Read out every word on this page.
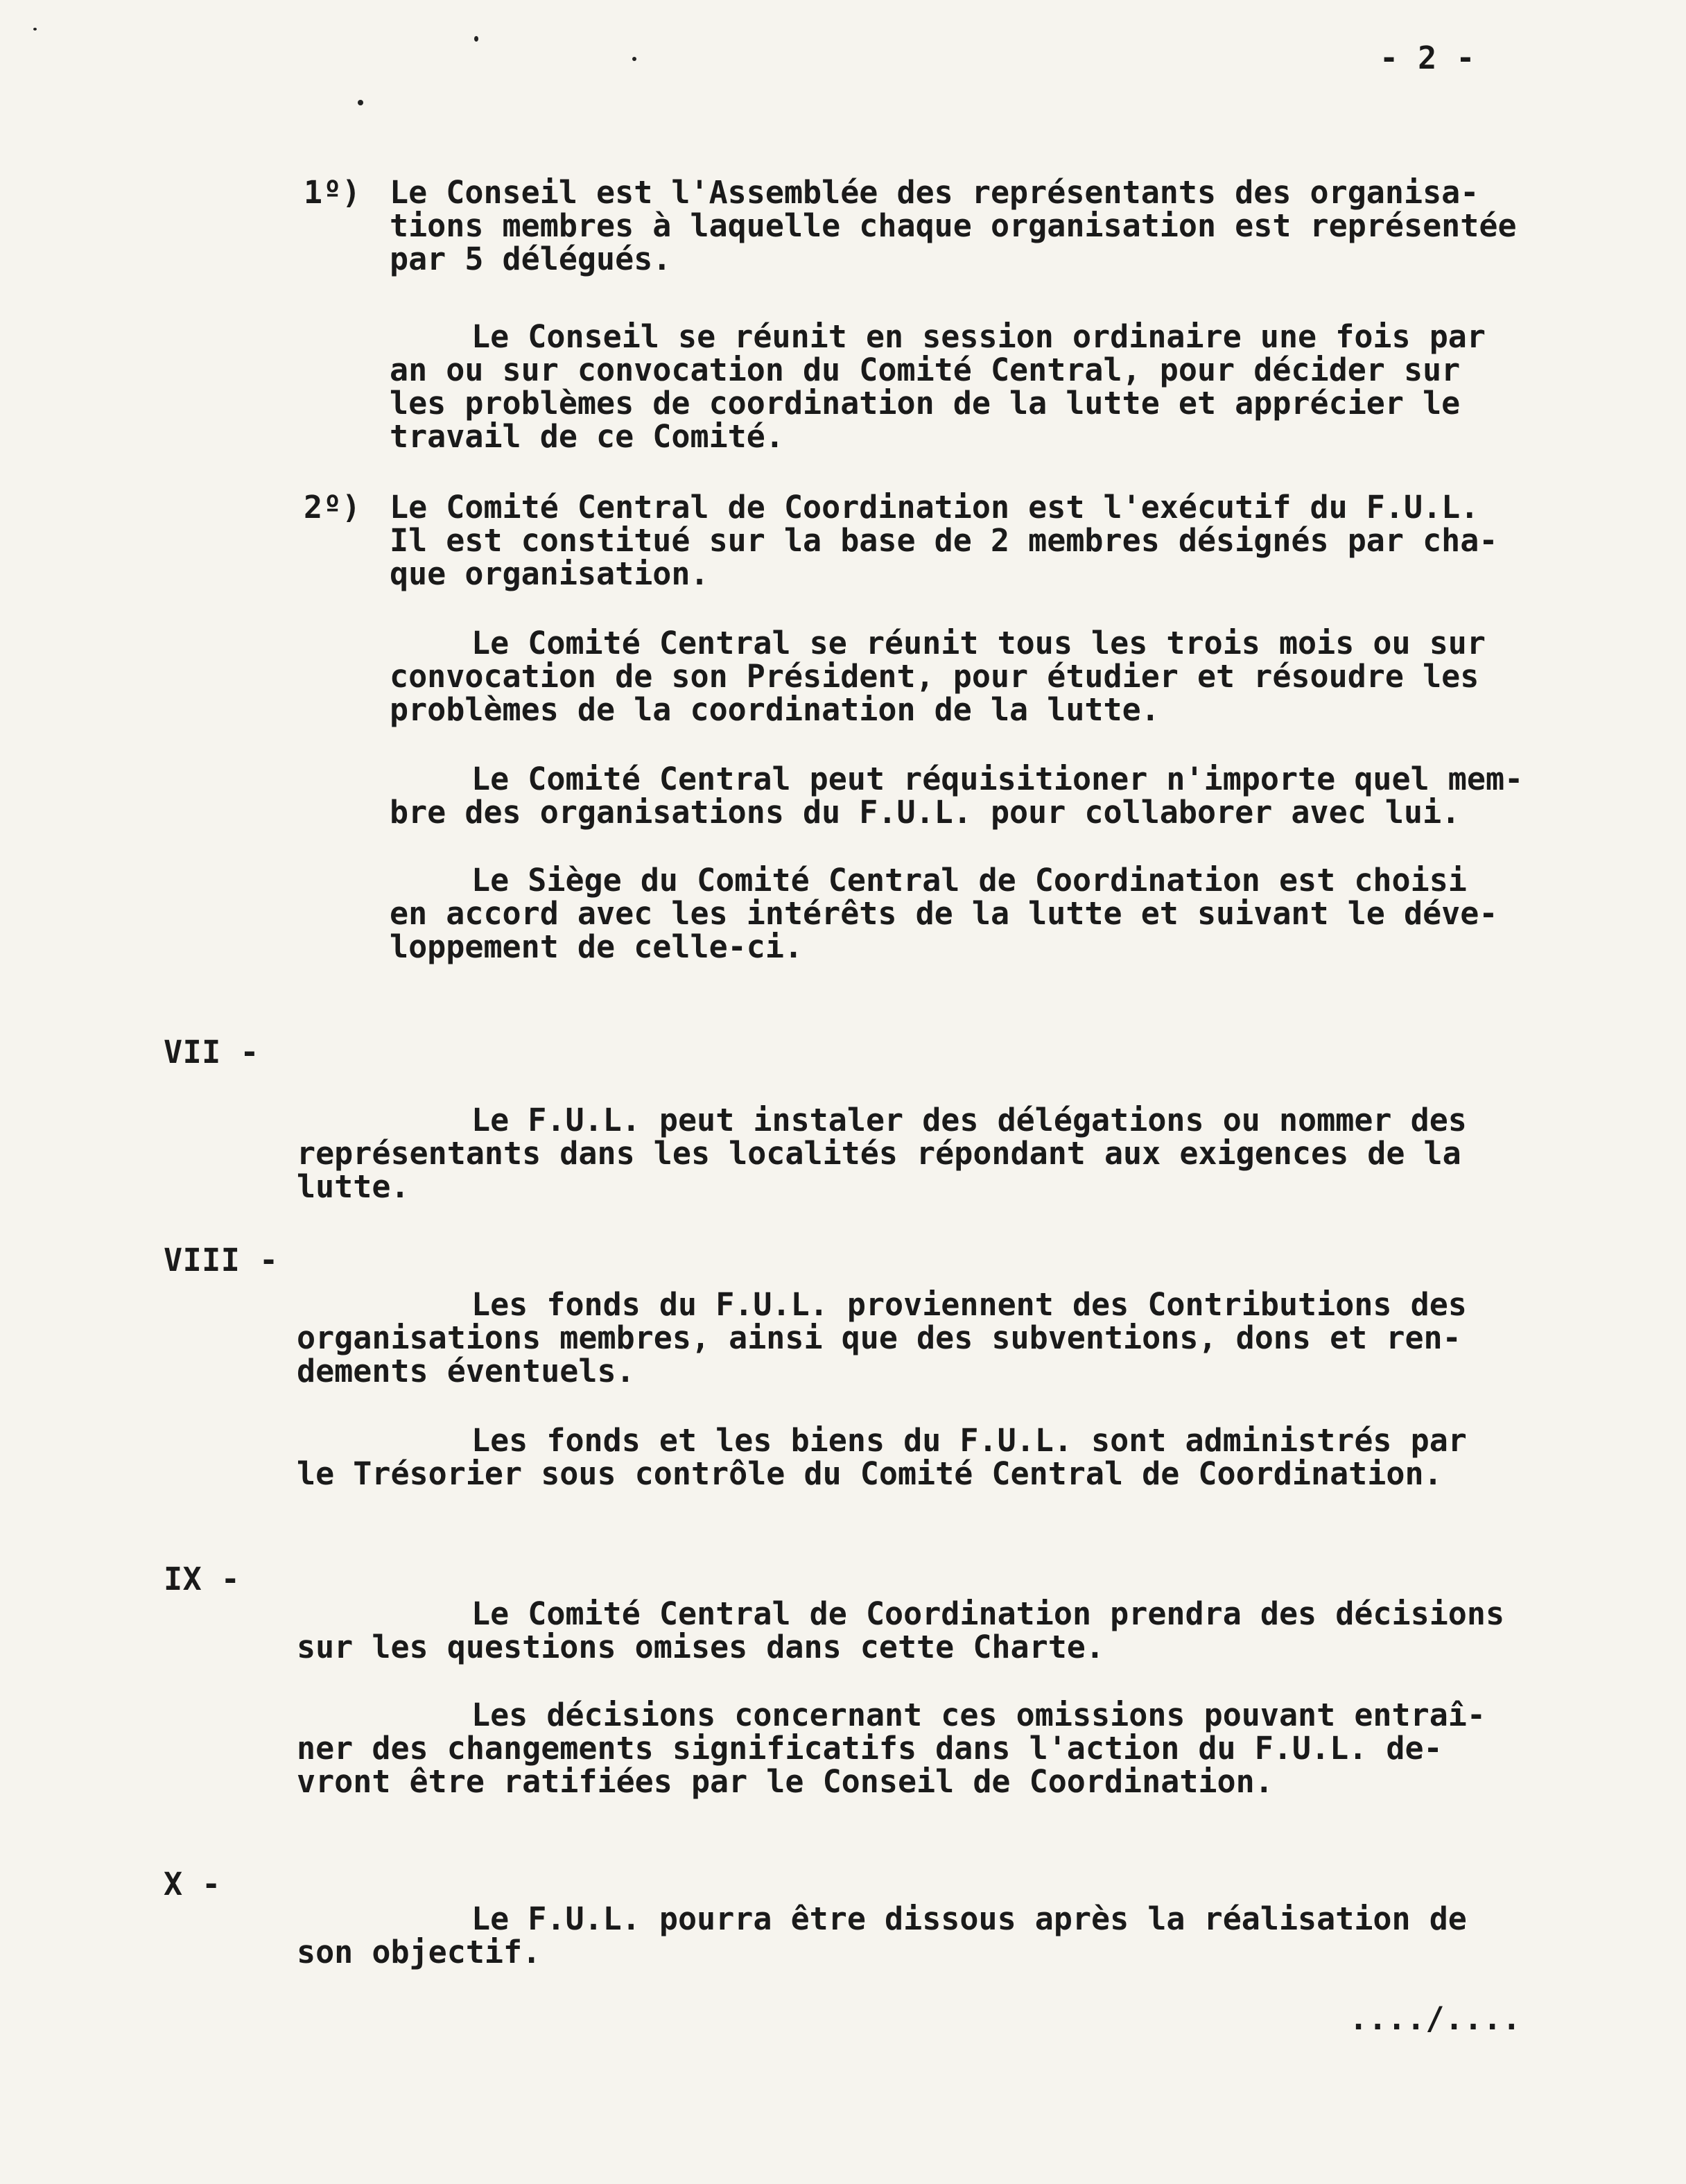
- 2 -
1º) Le Conseil est l'Assemblée des représentants des organisa-
tions membres à laquelle chaque organisation est représentée
par 5 délégués.
Le Conseil se réunit en session ordinaire une fois par
an ou sur convocation du Comité Central, pour décider sur
les problèmes de coordination de la lutte et apprécier le
travail de ce Comité.
2º) Le Comité Central de Coordination est l'exécutif du F.U.L.
Il est constitué sur la base de 2 membres désignés par cha-
que organisation.
Le Comité Central se réunit tous les trois mois ou sur
convocation de son Président, pour étudier et résoudre les
problèmes de la coordination de la lutte.
Le Comité Central peut réquisitioner n'importe quel mem-
bre des organisations du F.U.L. pour collaborer avec lui.
Le Siège du Comité Central de Coordination est choisi
en accord avec les intérêts de la lutte et suivant le déve-
loppement de celle-ci.
VII -
Le F.U.L. peut instaler des délégations ou nommer des
représentants dans les localités répondant aux exigences de la
lutte.
VIII -
Les fonds du F.U.L. proviennent des Contributions des
organisations membres, ainsi que des subventions, dons et ren-
dements éventuels.
Les fonds et les biens du F.U.L. sont administrés par
le Trésorier sous contrôle du Comité Central de Coordination.
IX -
Le Comité Central de Coordination prendra des décisions
sur les questions omises dans cette Charte.
Les décisions concernant ces omissions pouvant entraî-
ner des changements significatifs dans l'action du F.U.L. de-
vront être ratifiées par le Conseil de Coordination.
X -
Le F.U.L. pourra être dissous après la réalisation de
son objectif.
..../....
